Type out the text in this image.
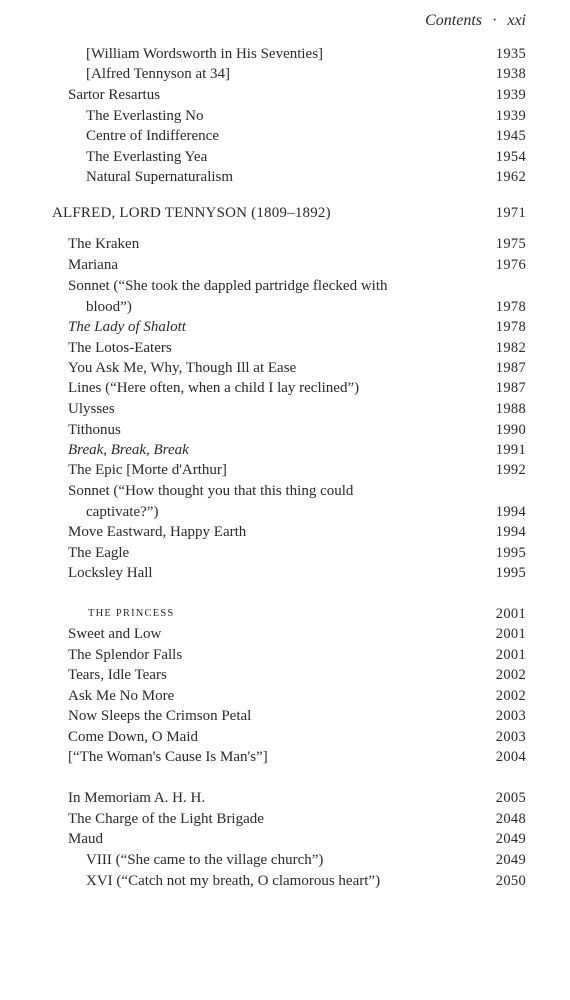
Contents · xxi
[William Wordsworth in His Seventies]	1935
[Alfred Tennyson at 34]	1938
Sartor Resartus	1939
The Everlasting No	1939
Centre of Indifference	1945
The Everlasting Yea	1954
Natural Supernaturalism	1962
ALFRED, LORD TENNYSON (1809–1892)	1971
The Kraken	1975
Mariana	1976
Sonnet (“She took the dappled partridge flecked with
blood”)	1978
The Lady of Shalott	1978
The Lotos-Eaters	1982
You Ask Me, Why, Though Ill at Ease	1987
Lines (“Here often, when a child I lay reclined”)	1987
Ulysses	1988
Tithonus	1990
Break, Break, Break	1991
The Epic [Morte d'Arthur]	1992
Sonnet (“How thought you that this thing could
captivate?”)	1994
Move Eastward, Happy Earth	1994
The Eagle	1995
Locksley Hall	1995
THE PRINCESS	2001
Sweet and Low	2001
The Splendor Falls	2001
Tears, Idle Tears	2002
Ask Me No More	2002
Now Sleeps the Crimson Petal	2003
Come Down, O Maid	2003
[“The Woman's Cause Is Man's”]	2004
In Memoriam A. H. H.	2005
The Charge of the Light Brigade	2048
Maud	2049
VIII (“She came to the village church”)	2049
XVI (“Catch not my breath, O clamorous heart”)	2050
